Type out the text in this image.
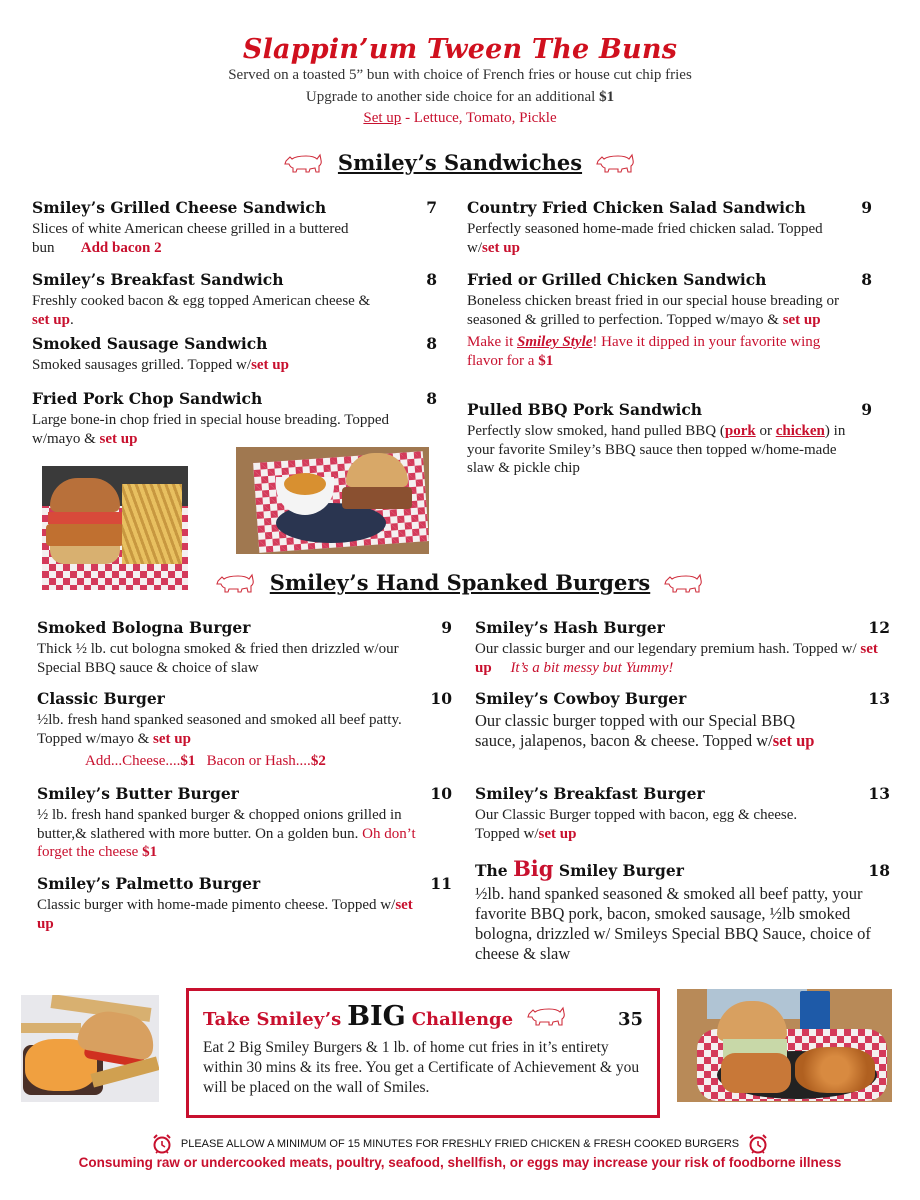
Slappin’um Tween The Buns
Served on a toasted 5” bun with choice of French fries or house cut chip fries
Upgrade to another side choice for an additional $1
Set up - Lettuce, Tomato, Pickle
Smiley’s Sandwiches
Smiley’s Grilled Cheese Sandwich	7
Slices of white American cheese grilled in a buttered bun Add bacon 2
Smiley’s Breakfast Sandwich	8
Freshly cooked bacon & egg topped American cheese & set up.
Smoked Sausage Sandwich	8
Smoked sausages grilled. Topped w/set up
Fried Pork Chop Sandwich	8
Large bone-in chop fried in special house breading. Topped w/mayo & set up
Country Fried Chicken Salad Sandwich	9
Perfectly seasoned home-made fried chicken salad. Topped w/set up
Fried or Grilled Chicken Sandwich	8
Boneless chicken breast fried in our special house breading or seasoned & grilled to perfection. Topped w/mayo & set up
Make it Smiley Style! Have it dipped in your favorite wing flavor for a $1
Pulled BBQ Pork Sandwich	9
Perfectly slow smoked, hand pulled BBQ (pork or chicken) in your favorite Smiley’s BBQ sauce then topped w/home-made slaw & pickle chip
Smiley’s Hand Spanked Burgers
Smoked Bologna Burger	9
Thick ½ lb. cut bologna smoked & fried then drizzled w/our Special BBQ sauce & choice of slaw
Classic Burger	10
½lb. fresh hand spanked seasoned and smoked all beef patty. Topped w/mayo & set up
Add...Cheese....$1 Bacon or Hash....$2
Smiley’s Butter Burger	10
½ lb. fresh hand spanked burger & chopped onions grilled in butter,& slathered with more butter. On a golden bun. Oh don’t forget the cheese $1
Smiley’s Palmetto Burger	11
Classic burger with home-made pimento cheese. Topped w/set up
Smiley’s Hash Burger	12
Our classic burger and our legendary premium hash. Topped w/ set up It’s a bit messy but Yummy!
Smiley’s Cowboy Burger	13
Our classic burger topped with our Special BBQ sauce, jalapenos, bacon & cheese. Topped w/set up
Smiley’s Breakfast Burger	13
Our Classic Burger topped with bacon, egg & cheese. Topped w/set up
The Big Smiley Burger	18
½lb. hand spanked seasoned & smoked all beef patty, your favorite BBQ pork, bacon, smoked sausage, ½lb smoked bologna, drizzled w/ Smileys Special BBQ Sauce, choice of cheese & slaw
Take Smiley’s BIG Challenge	35
Eat 2 Big Smiley Burgers & 1 lb. of home cut fries in it’s entirety within 30 mins & its free. You get a Certificate of Achievement & you will be placed on the wall of Smiles.
PLEASE ALLOW A MINIMUM OF 15 MINUTES FOR FRESHLY FRIED CHICKEN & FRESH COOKED BURGERS
Consuming raw or undercooked meats, poultry, seafood, shellfish, or eggs may increase your risk of foodborne illness
